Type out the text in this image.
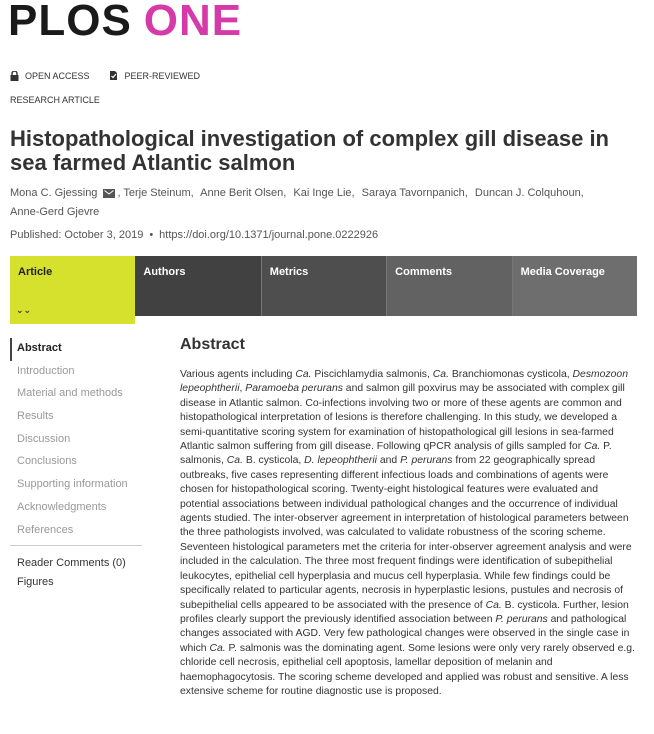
PLOS ONE
OPEN ACCESS	PEER-REVIEWED
RESEARCH ARTICLE
Histopathological investigation of complex gill disease in sea farmed Atlantic salmon
Mona C. Gjessing , Terje Steinum, Anne Berit Olsen, Kai Inge Lie, Saraya Tavornpanich, Duncan J. Colquhoun,
Anne-Gerd Gjevre
Published: October 3, 2019 • https://doi.org/10.1371/journal.pone.0222926
Article
⌄⌄
Authors	Metrics	Comments	Media Coverage
Abstract
Introduction
Material and methods
Results
Discussion
Conclusions
Supporting information
Acknowledgments
References
Reader Comments (0)
Figures
Abstract

Various agents including Ca. Piscichlamydia salmonis, Ca. Branchiomonas cysticola, Desmozoon lepeophtherii, Paramoeba perurans and salmon gill poxvirus may be associated with complex gill disease in Atlantic salmon. Co-infections involving two or more of these agents are common and histopathological interpretation of lesions is therefore challenging. In this study, we developed a semi-quantitative scoring system for examination of histopathological gill lesions in sea-farmed Atlantic salmon suffering from gill disease. Following qPCR analysis of gills sampled for Ca. P. salmonis, Ca. B. cysticola, D. lepeophtherii and P. perurans from 22 geographically spread outbreaks, five cases representing different infectious loads and combinations of agents were chosen for histopathological scoring. Twenty-eight histological features were evaluated and potential associations between individual pathological changes and the occurrence of individual agents studied. The inter-observer agreement in interpretation of histological parameters between the three pathologists involved, was calculated to validate robustness of the scoring scheme. Seventeen histological parameters met the criteria for inter-observer agreement analysis and were included in the calculation. The three most frequent findings were identification of subepithelial leukocytes, epithelial cell hyperplasia and mucus cell hyperplasia. While few findings could be specifically related to particular agents, necrosis in hyperplastic lesions, pustules and necrosis of subepithelial cells appeared to be associated with the presence of Ca. B. cysticola. Further, lesion profiles clearly support the previously identified association between P. perurans and pathological changes associated with AGD. Very few pathological changes were observed in the single case in which Ca. P. salmonis was the dominating agent. Some lesions were only very rarely observed e.g. chloride cell necrosis, epithelial cell apoptosis, lamellar deposition of melanin and haemophagocytosis. The scoring scheme developed and applied was robust and sensitive. A less extensive scheme for routine diagnostic use is proposed.
